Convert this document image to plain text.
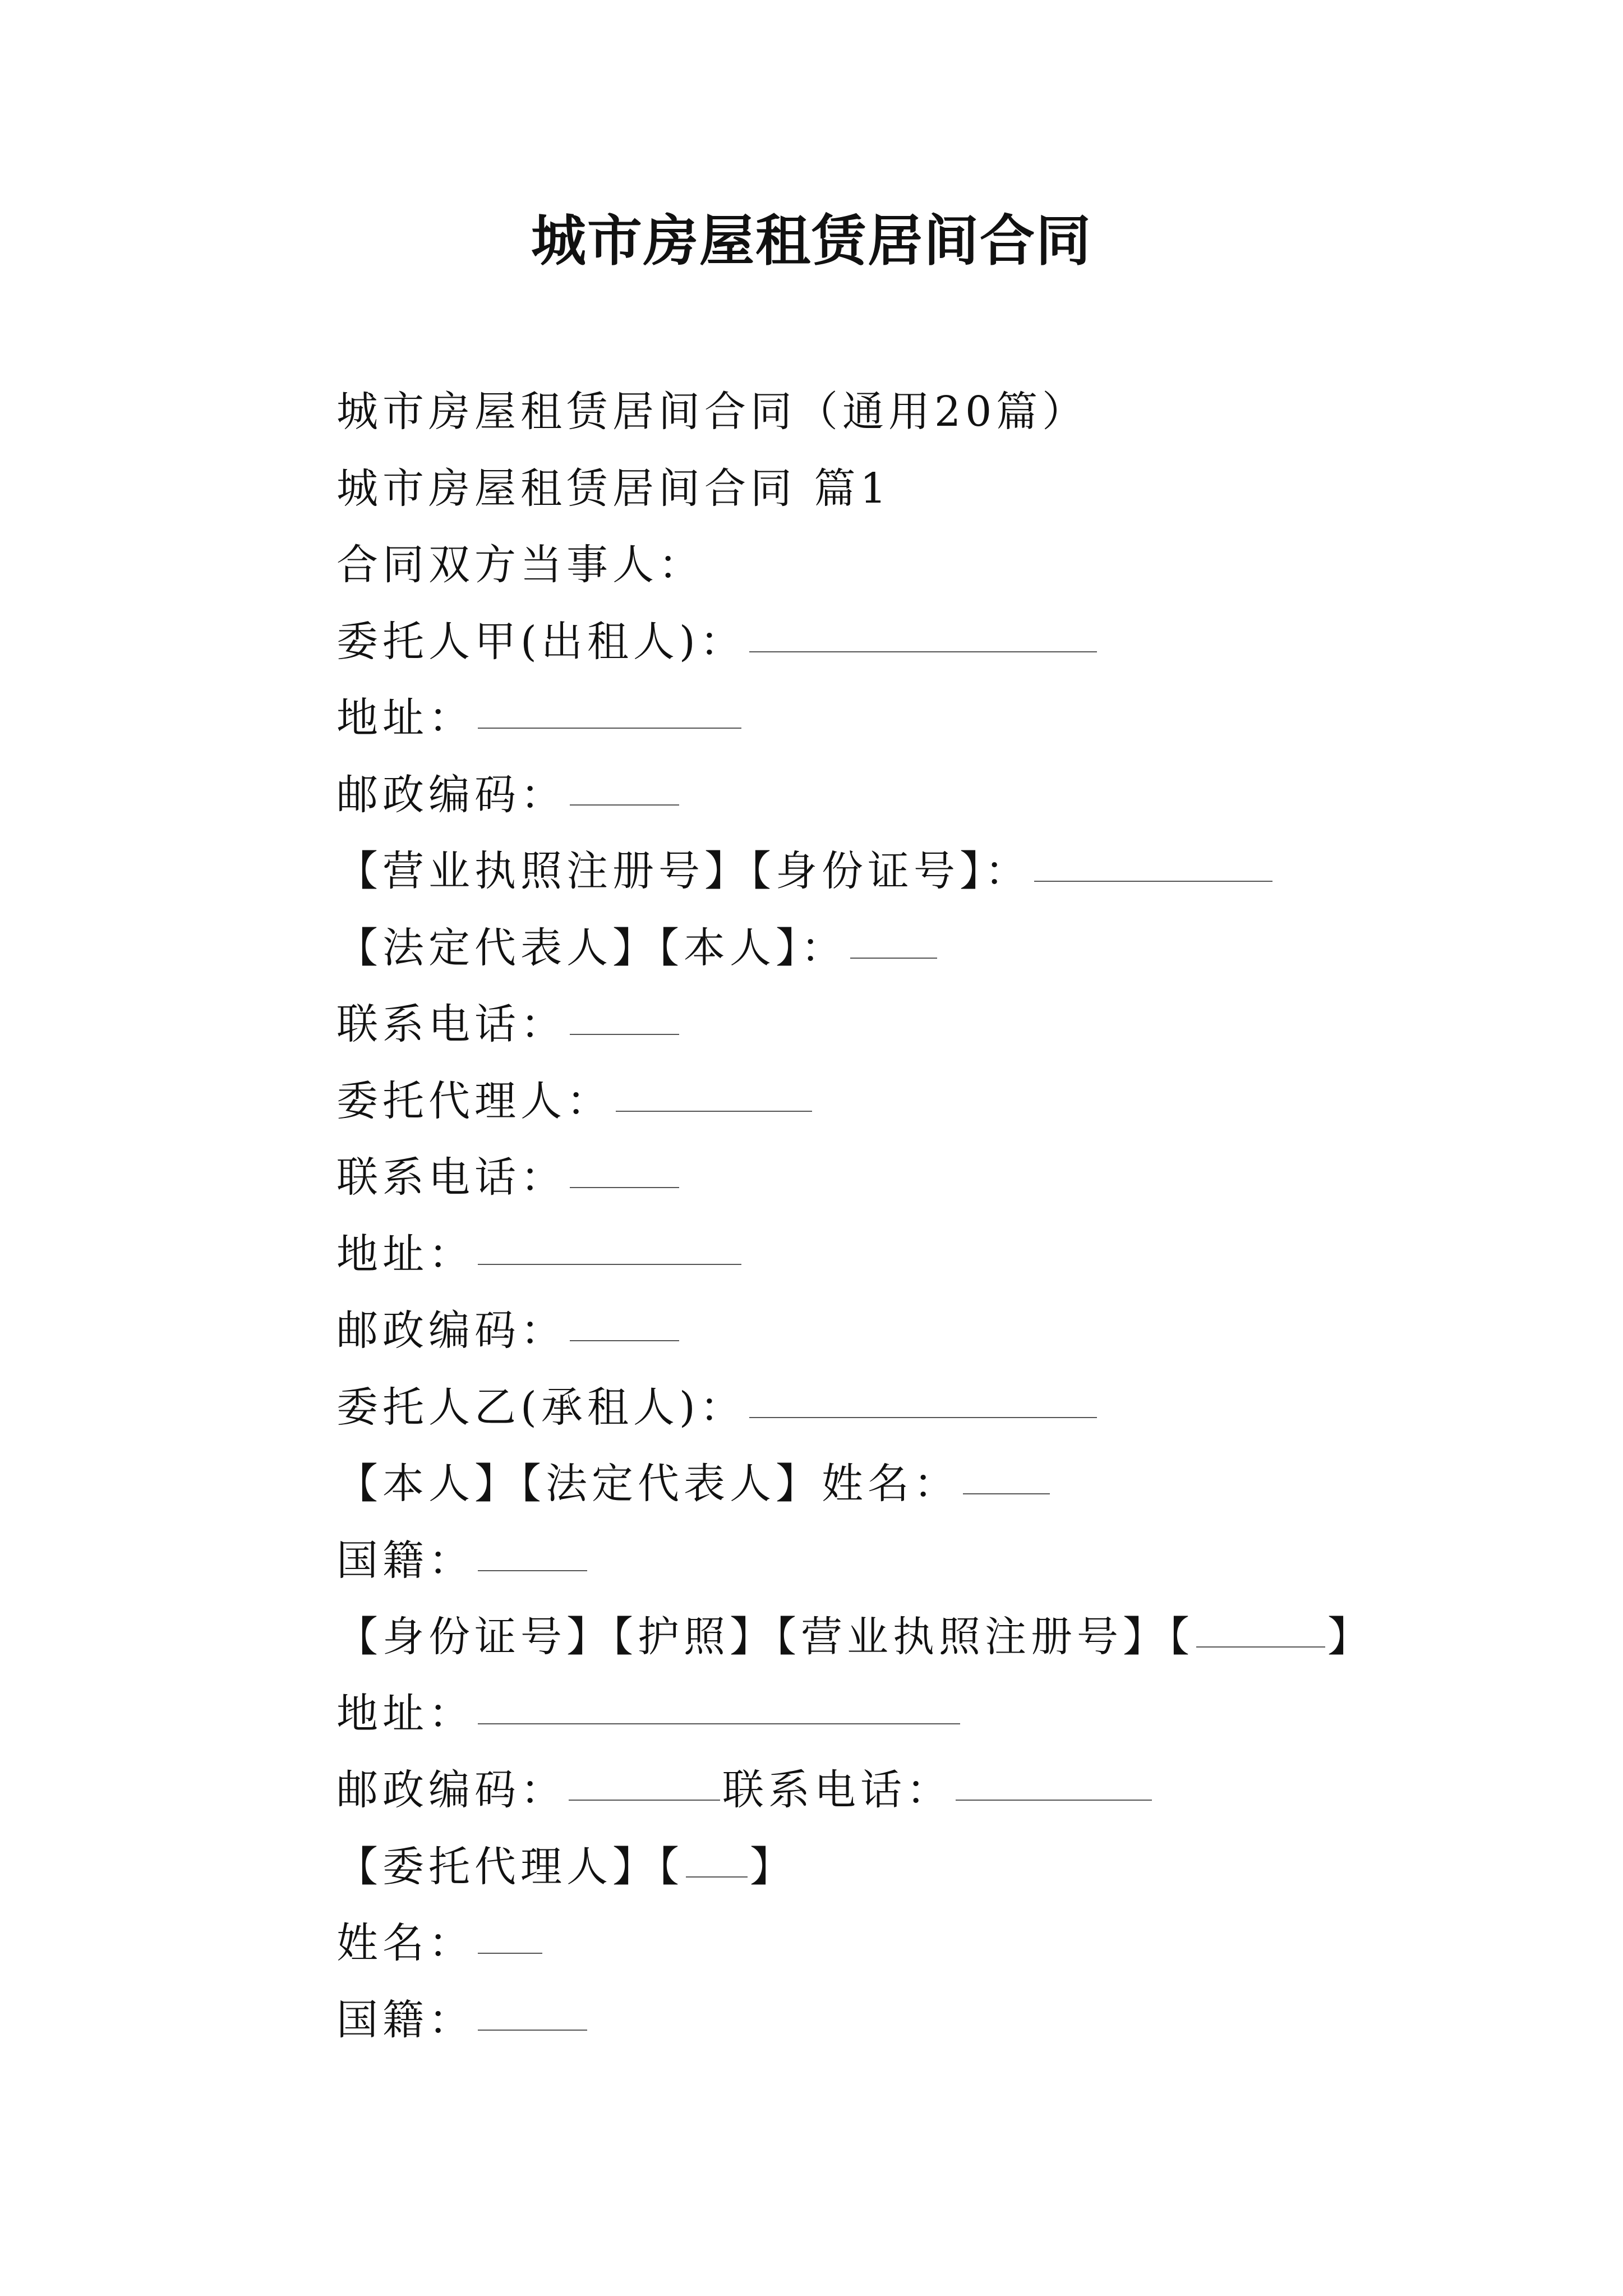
城市房屋租赁居间合同
城市房屋租赁居间合同（通用20篇）
城市房屋租赁居间合同 篇1
合同双方当事人：
委托人甲(出租人)：
地址：
邮政编码：
【营业执照注册号】【身份证号】：
【法定代表人】【本人】：
联系电话：
委托代理人：
联系电话：
地址：
邮政编码：
委托人乙(承租人)：
【本人】【法定代表人】姓名：
国籍：
【身份证号】【护照】【营业执照注册号】【	】
地址：
邮政编码：	联系电话：
【委托代理人】【 】
姓名：
国籍：
